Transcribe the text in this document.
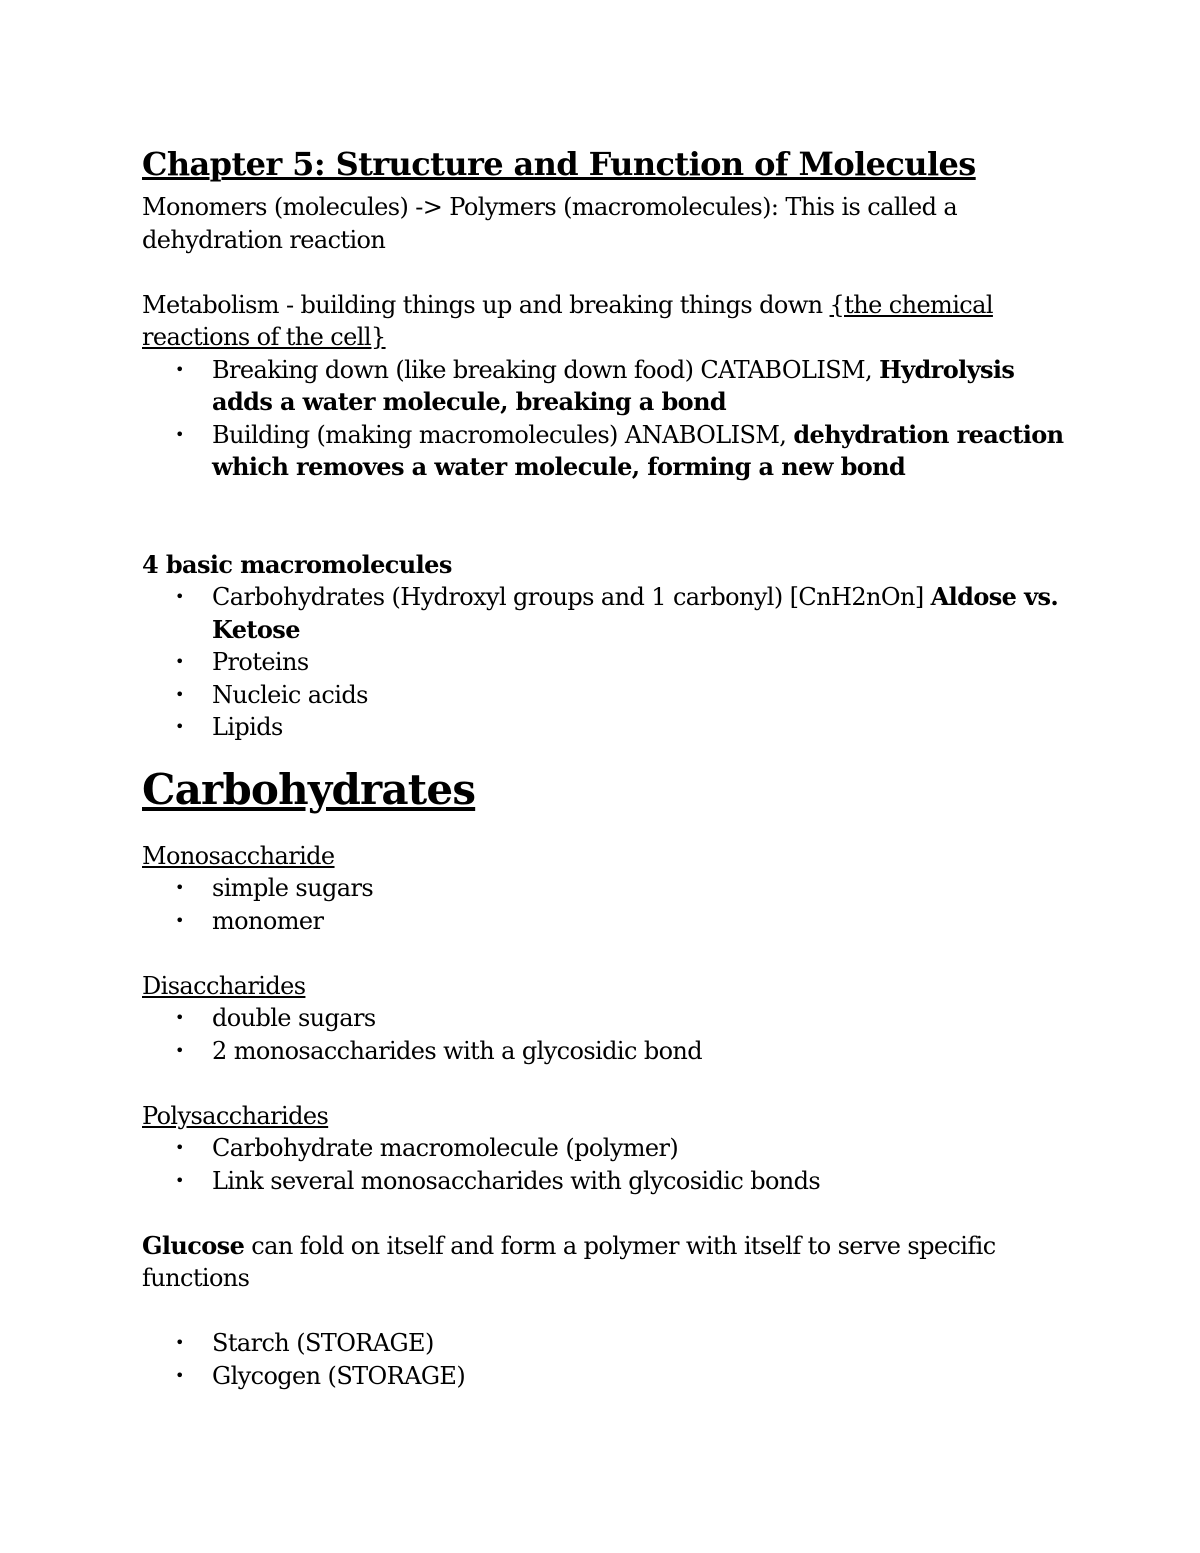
Chapter 5: Structure and Function of Molecules

Monomers (molecules) -> Polymers (macromolecules): This is called a dehydration reaction

Metabolism - building things up and breaking things down {the chemical reactions of the cell}

• Breaking down (like breaking down food) CATABOLISM, Hydrolysis adds a water molecule, breaking a bond
• Building (making macromolecules) ANABOLISM, dehydration reaction which removes a water molecule, forming a new bond

4 basic macromolecules

• Carbohydrates (Hydroxyl groups and 1 carbonyl) [CnH2nOn] Aldose vs. Ketose
• Proteins
• Nucleic acids
• Lipids
Carbohydrates

Monosaccharide

• simple sugars
• monomer

Disaccharides

• double sugars
• 2 monosaccharides with a glycosidic bond

Polysaccharides

• Carbohydrate macromolecule (polymer)
• Link several monosaccharides with glycosidic bonds

Glucose can fold on itself and form a polymer with itself to serve specific functions

• Starch (STORAGE)
• Glycogen (STORAGE)
